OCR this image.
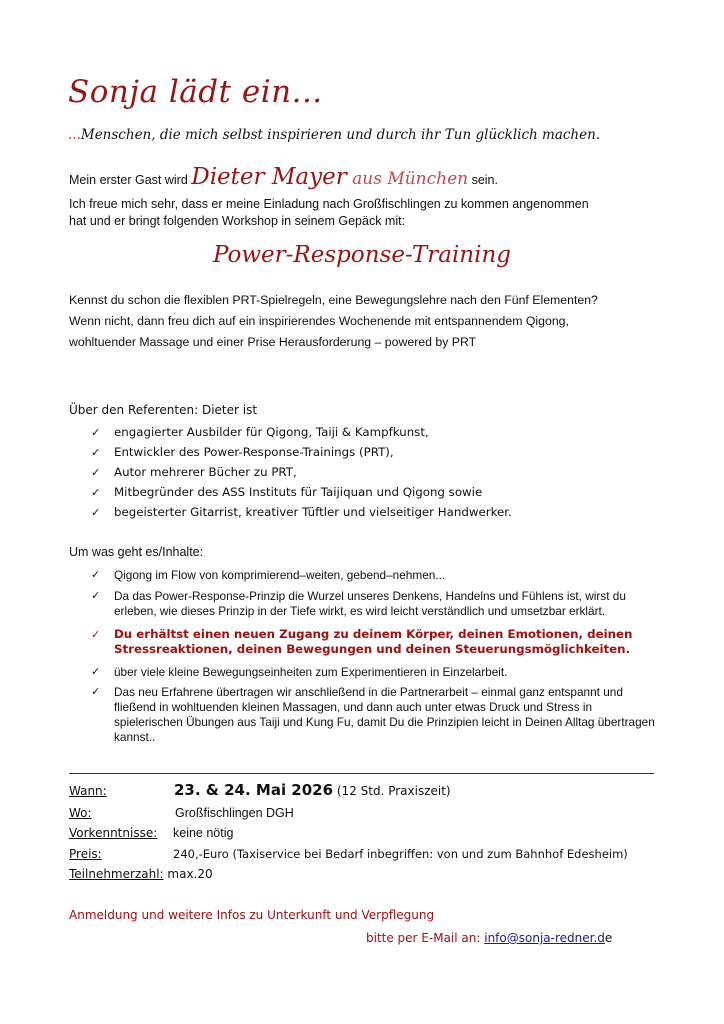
Sonja lädt ein...
...Menschen, die mich selbst inspirieren und durch ihr Tun glücklich machen.
Mein erster Gast wird Dieter Mayer aus München sein.
Ich freue mich sehr, dass er meine Einladung nach Großfischlingen zu kommen angenommen
hat und er bringt folgenden Workshop in seinem Gepäck mit:
Power-Response-Training
Kennst du schon die flexiblen PRT-Spielregeln, eine Bewegungslehre nach den Fünf Elementen?
Wenn nicht, dann freu dich auf ein inspirierendes Wochenende mit entspannendem Qigong,
wohltuender Massage und einer Prise Herausforderung – powered by PRT
Über den Referenten: Dieter ist
✓ engagierter Ausbilder für Qigong, Taiji & Kampfkunst,
✓ Entwickler des Power-Response-Trainings (PRT),
✓ Autor mehrerer Bücher zu PRT,
✓ Mitbegründer des ASS Instituts für Taijiquan und Qigong sowie
✓ begeisterter Gitarrist, kreativer Tüftler und vielseitiger Handwerker.
Um was geht es/Inhalte:
✓ Qigong im Flow von komprimierend–weiten, gebend–nehmen...
✓ Da das Power-Response-Prinzip die Wurzel unseres Denkens, Handelns und Fühlens ist, wirst du erleben, wie dieses Prinzip in der Tiefe wirkt, es wird leicht verständlich und umsetzbar erklärt.
✓ Du erhältst einen neuen Zugang zu deinem Körper, deinen Emotionen, deinen Stressreaktionen, deinen Bewegungen und deinen Steuerungsmöglichkeiten.
✓ über viele kleine Bewegungseinheiten zum Experimentieren in Einzelarbeit.
✓ Das neu Erfahrene übertragen wir anschließend in die Partnerarbeit – einmal ganz entspannt und fließend in wohltuenden kleinen Massagen, und dann auch unter etwas Druck und Stress in spielerischen Übungen aus Taiji und Kung Fu, damit Du die Prinzipien leicht in Deinen Alltag übertragen kannst..
Wann:	23. & 24. Mai 2026 (12 Std. Praxiszeit)
Wo:	Großfischlingen DGH
Vorkenntnisse: keine nötig
Preis:	240,-Euro (Taxiservice bei Bedarf inbegriffen: von und zum Bahnhof Edesheim)
Teilnehmerzahl: max.20
Anmeldung und weitere Infos zu Unterkunft und Verpflegung
bitte per E-Mail an: info@sonja-redner.de
